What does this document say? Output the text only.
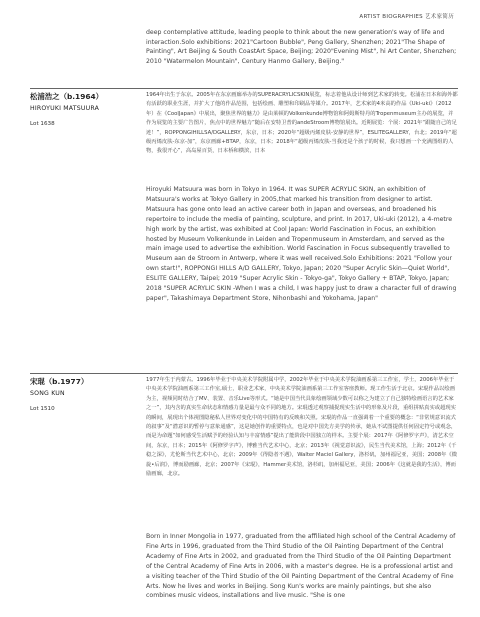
ARTIST BIOGRAPHIES 艺术家简历
deep contemplative attitude, leading people to think about the new generation's way of life and interaction.Solo exhibitions: 2021"Cartoon Bubble", Peng Gallery, Shenzhen; 2021"The Shape of Painting", Art Beijing & South CoastArt Space, Beijing; 2020"Evening Mist", hi Art Center, Shenzhen; 2010 "Watermelon Mountain", Century Hanmo Gallery, Beijing."
松浦浩之（b.1964）
HIROYUKI MATSUURA
Lot 1638
1964年出生于东京。2005年在东京画廊举办的SUPERACRYLICSKIN展览，标志着他从设计师到艺术家的转变。松浦在日本和海外都有活跃的职业生涯，并扩大了他的作品范围，包括绘画、雕塑和印刷品等媒介。2017年，艺术家的4米高的作品《Uki-uki》（2012年）在《CoolJapan》中展出，聚焦世界的魅力》是由莱顿的Volkenkunde博物馆和阿姆斯特丹的Tropenmuseum主办的展览，并作为展览的主要广告图片，焦点中的世界魅力”随后在安特卫普的andeStroom博物馆展出。近期展览：个展：2021年“跟随自己的足迹！”，ROPPONGIHILLSA/DGALLERY，东京，日本；2020年“超级丙烯皮肤-安静的世界”，ESLITEGALLERY，台北；2019年“超级丙烯皮肤-东京-加”，东京画廊+BTAP，东京，日本；2018年“超级丙烯皮肤-当我还是个孩子的时候，我只想画一个充满图组的人物，我很开心”，高岛屋百货，日本桥和横滨，日本
Hiroyuki Matsuura was born in Tokyo in 1964. It was SUPER ACRYLIC SKIN, an exhibition of Matsuura's works at Tokyo Gallery in 2005,that marked his transition from designer to artist. Matsuura has gone onto lead an active career both in Japan and overseas, and broadened his repertoire to include the media of painting, sculpture, and print. In 2017, Uki-uki (2012), a 4-metre high work by the artist, was exhibited at Cool Japan: World Fascination in Focus, an exhibition hosted by Museum Volkenkunde in Leiden and Tropenmuseum in Amsterdam, and served as the main image used to advertise the exhibition. World Fascination in Focus subsequently travelled to Museum aan de Stroom in Antwerp, where it was well received.Solo Exhibitions: 2021 "Follow your own start!", ROPPONGI HILLS A/D GALLERY, Tokyo, Japan; 2020 "Super Acrylic Skin—Quiet World", ESLITE GALLERY, Taipei; 2019 "Super Acrylic Skin - Tokyo-ga", Tokyo Gallery + BTAP, Tokyo, Japan; 2018 "SUPER ACRYLIC SKIN -When I was a child, I was happy just to draw a character full of drawing paper", Takashimaya Department Store, Nihonbashi and Yokohama, Japan"
宋琨（b.1977）
SONG KUN
Lot 1510
1977年生于内蒙古。1996年毕业于中央美术学院附属中学，2002年毕业于中央美术学院油画系第三工作室，学士，2006年毕业于中央美术学院油画系第三工作室,硕士，职业艺术家，中央美术学院油画系第三工作室客座教师。现工作生活于北京。宋琨作品以绘画为主，视频同时结合了MV、装置、音乐Live等形式。“她是中国当代具象绘画领域少数可以称之为建立了自己独特绘画语言的艺术家之一”，其内含的真实生命状态和情感力量是最与众不同的地方。宋琨透过观察捕捉现实生活中的形象及片段，重组拼贴真实或超现实的瞬间，展现出个体视图隐秘私人世界对变化中的中国特有的反映和关照。宋琨的作品一直强调着一个重要的概念：“非常规意识流式的叙事”及“潜意识的暂停与意象通感”，这是她创作的重要特点，也是对中国先方美学的传承，她从不试图提供任何固定符号或观念，而是为命题“如何感受生活赋予的经验认知与丰富情感”提出了能阶段中国独立的样本。主要个展：2017年《阿修罗字声》，清艺术空间，东京，日本；2015年《阿修罗字声》，博雅当代艺术中心，北京；2013年《视觉意识流》，民生当代美术馆，上海；2012年《千稳之深》，尤伦斯当代艺术中心，北京；2009年《得隐者不遇》，Walter Maciel Gallery，洛杉矶，加州福尼亚，美国；2008年《微旋•后润》，博而励画廊，北京；2007年《宋琨》，Hammer美术馆，洛杉矶，加州福尼亚，美国；2006年《这就是我的生活》，博而励画廊，北京。
Born in Inner Mongolia in 1977, graduated from the affiliated high school of the Central Academy of Fine Arts in 1996, graduated from the Third Studio of the Oil Painting Department of the Central Academy of Fine Arts in 2002, and graduated from the Third Studio of the Oil Painting Department of the Central Academy of Fine Arts in 2006, with a master's degree. He is a professional artist and a visiting teacher of the Third Studio of the Oil Painting Department of the Central Academy of Fine Arts. Now he lives and works in Beijing. Song Kun's works are mainly paintings, but she also combines music videos, installations and live music. "She is one
